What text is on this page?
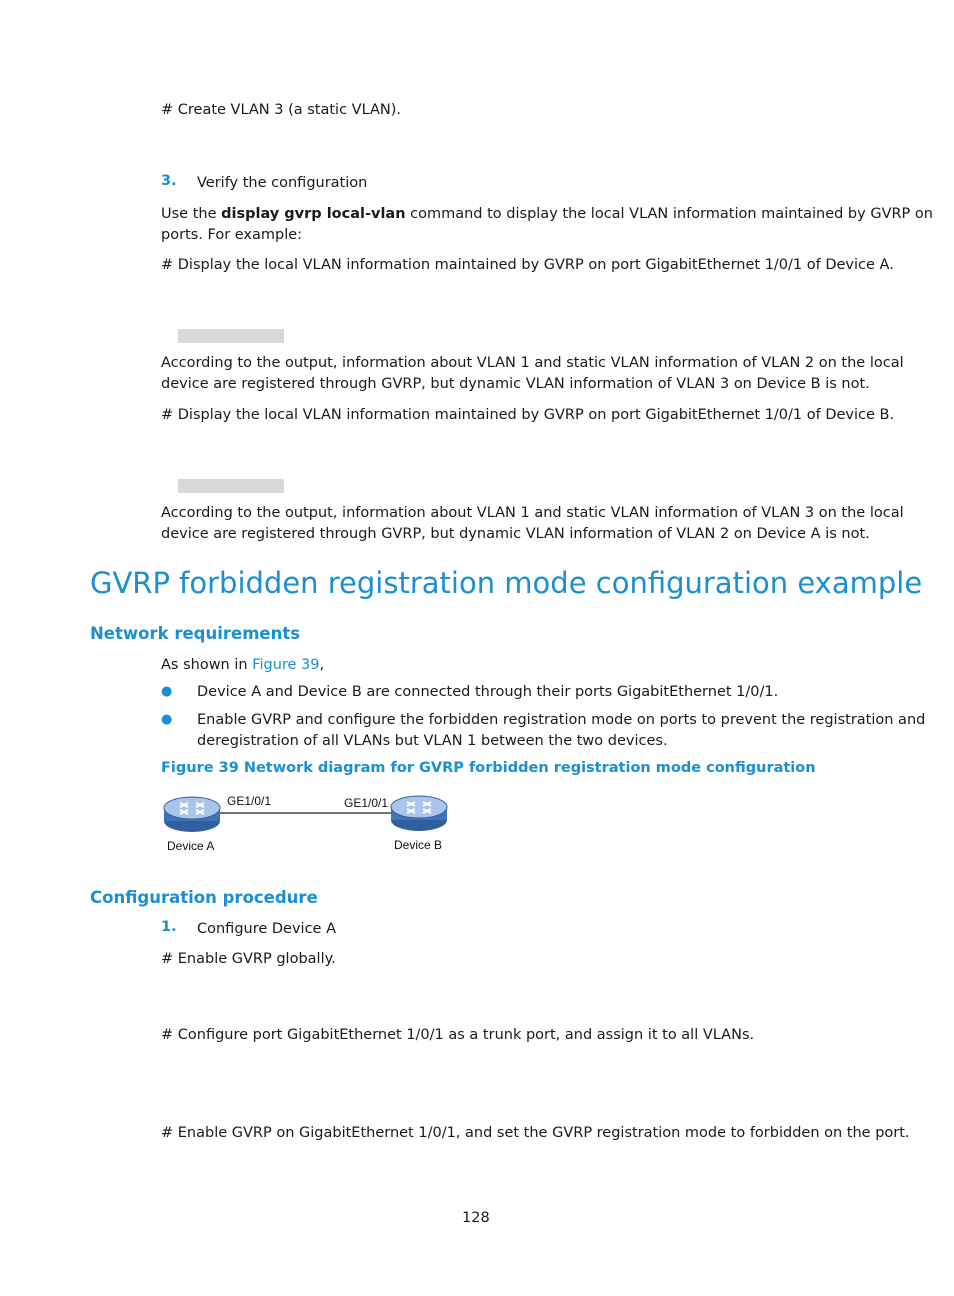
# Create VLAN 3 (a static VLAN).
3. Verify the configuration
Use the display gvrp local-vlan command to display the local VLAN information maintained by GVRP on
ports. For example:
# Display the local VLAN information maintained by GVRP on port GigabitEthernet 1/0/1 of Device A.
According to the output, information about VLAN 1 and static VLAN information of VLAN 2 on the local
device are registered through GVRP, but dynamic VLAN information of VLAN 3 on Device B is not.
# Display the local VLAN information maintained by GVRP on port GigabitEthernet 1/0/1 of Device B.
According to the output, information about VLAN 1 and static VLAN information of VLAN 3 on the local
device are registered through GVRP, but dynamic VLAN information of VLAN 2 on Device A is not.
GVRP forbidden registration mode configuration example
Network requirements
As shown in Figure 39,
● Device A and Device B are connected through their ports GigabitEthernet 1/0/1.
● Enable GVRP and configure the forbidden registration mode on ports to prevent the registration and
deregistration of all VLANs but VLAN 1 between the two devices.
Figure 39 Network diagram for GVRP forbidden registration mode configuration
GE1/0/1	GE1/0/1
Device A	Device B
Configuration procedure
1. Configure Device A
# Enable GVRP globally.
# Configure port GigabitEthernet 1/0/1 as a trunk port, and assign it to all VLANs.
# Enable GVRP on GigabitEthernet 1/0/1, and set the GVRP registration mode to forbidden on the port.
128
